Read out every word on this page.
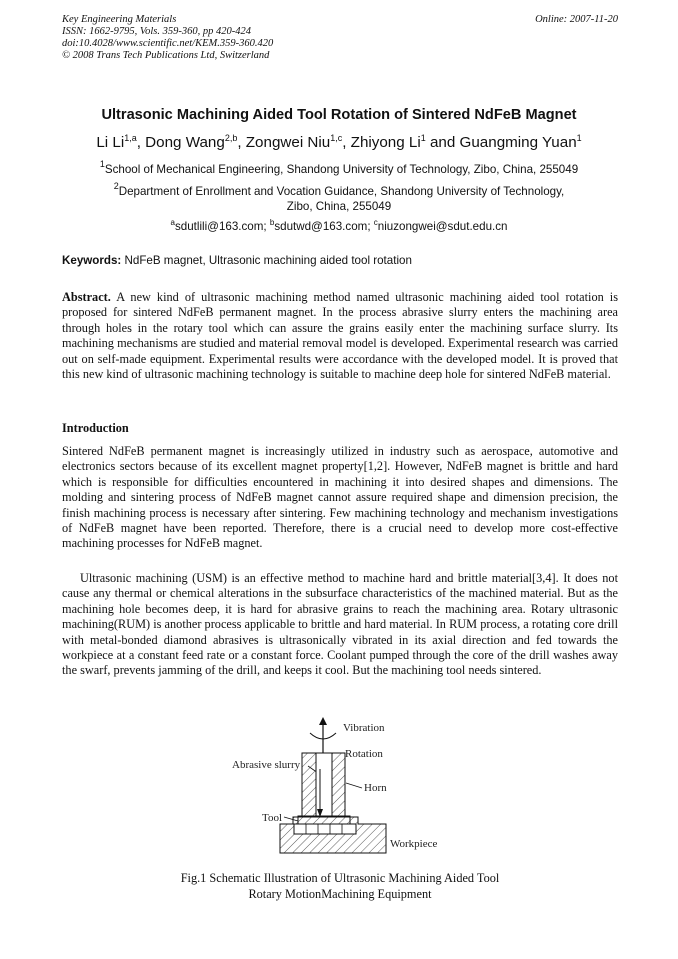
Key Engineering Materials
ISSN: 1662-9795, Vols. 359-360, pp 420-424
doi:10.4028/www.scientific.net/KEM.359-360.420
© 2008 Trans Tech Publications Ltd, Switzerland
Online: 2007-11-20
Ultrasonic Machining Aided Tool Rotation of Sintered NdFeB Magnet
Li Li$^{1,a}$, Dong Wang$^{2,b}$, Zongwei Niu$^{1,c}$, Zhiyong Li$^1$ and Guangming Yuan$^1$
$^1$School of Mechanical Engineering, Shandong University of Technology, Zibo, China, 255049
$^2$Department of Enrollment and Vocation Guidance, Shandong University of Technology,
Zibo, China, 255049
$^a$sdutlili@163.com; $^b$sdutwd@163.com; $^c$niuzongwei@sdut.edu.cn
Keywords: NdFeB magnet, Ultrasonic machining aided tool rotation
Abstract. A new kind of ultrasonic machining method named ultrasonic machining aided tool rotation is proposed for sintered NdFeB permanent magnet. In the process abrasive slurry enters the machining area through holes in the rotary tool which can assure the grains easily enter the machining surface slurry. Its machining mechanisms are studied and material removal model is developed. Experimental research was carried out on self-made equipment. Experimental results were accordance with the developed model. It is proved that this new kind of ultrasonic machining technology is suitable to machine deep hole for sintered NdFeB material.
Introduction
Sintered NdFeB permanent magnet is increasingly utilized in industry such as aerospace, automotive and electronics sectors because of its excellent magnet property[1,2]. However, NdFeB magnet is brittle and hard which is responsible for difficulties encountered in machining it into desired shapes and dimensions. The molding and sintering process of NdFeB magnet cannot assure required shape and dimension precision, the finish machining process is necessary after sintering. Few machining technology and mechanism investigations of NdFeB magnet have been reported. Therefore, there is a crucial need to develop more cost-effective machining processes for NdFeB magnet.
Ultrasonic machining (USM) is an effective method to machine hard and brittle material[3,4]. It does not cause any thermal or chemical alterations in the subsurface characteristics of the machined material. But as the machining hole becomes deep, it is hard for abrasive grains to reach the machining area. Rotary ultrasonic machining(RUM) is another process applicable to brittle and hard material. In RUM process, a rotating core drill with metal-bonded diamond abrasives is ultrasonically vibrated in its axial direction and fed towards the workpiece at a constant feed rate or a constant force. Coolant pumped through the core of the drill washes away the swarf, prevents jamming of the drill, and keeps it cool. But the machining tool needs sintered.
Vibration
Rotation
Abrasive slurry
Horn
Tool
Workpiece
Fig.1 Schematic Illustration of Ultrasonic Machining Aided Tool
Rotary MotionMachining Equipment
